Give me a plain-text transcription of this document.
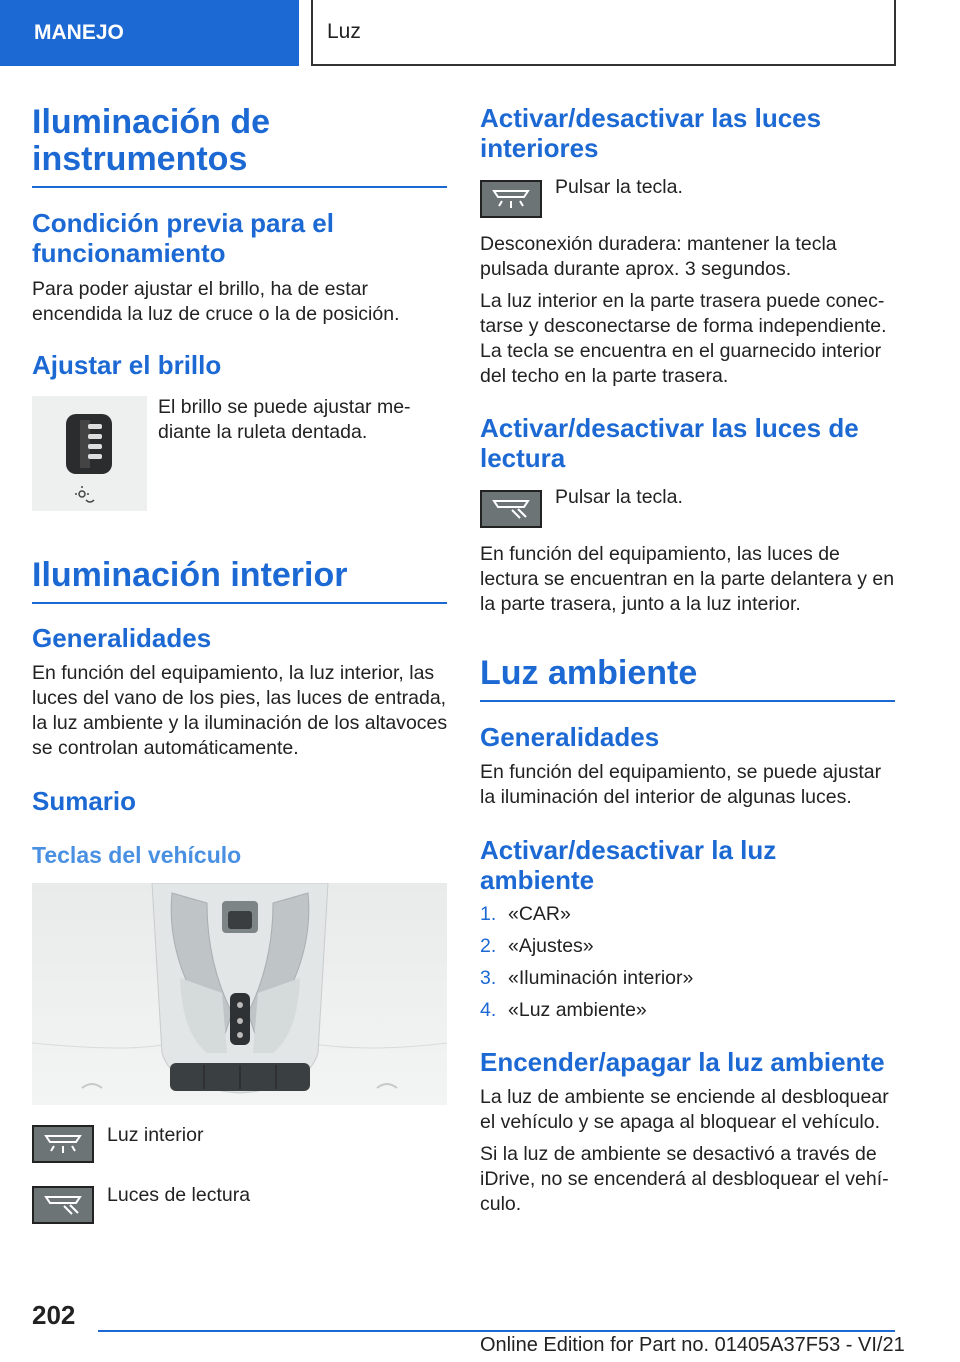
MANEJO	Luz
Iluminación de instrumentos
Condición previa para el funcionamiento
Para poder ajustar el brillo, ha de estar encendida la luz de cruce o la de posición.
Ajustar el brillo
El brillo se puede ajustar me-diante la ruleta dentada.
Iluminación interior
Generalidades
En función del equipamiento, la luz interior, las luces del vano de los pies, las luces de entrada, la luz ambiente y la iluminación de los altavoces se controlan automáticamente.
Sumario
Teclas del vehículo
Luz interior
Luces de lectura
Activar/desactivar las luces interiores
Pulsar la tecla.
Desconexión duradera: mantener la tecla pulsada durante aprox. 3 segundos.
La luz interior en la parte trasera puede conec-tarse y desconectarse de forma independiente. La tecla se encuentra en el guarnecido interior del techo en la parte trasera.
Activar/desactivar las luces de lectura
Pulsar la tecla.
En función del equipamiento, las luces de lectura se encuentran en la parte delantera y en la parte trasera, junto a la luz interior.
Luz ambiente
Generalidades
En función del equipamiento, se puede ajustar la iluminación del interior de algunas luces.
Activar/desactivar la luz ambiente
1. «CAR»
2. «Ajustes»
3. «Iluminación interior»
4. «Luz ambiente»
Encender/apagar la luz ambiente
La luz de ambiente se enciende al desbloquear el vehículo y se apaga al bloquear el vehículo.
Si la luz de ambiente se desactivó a través de iDrive, no se encenderá al desbloquear el vehí-culo.
202
Online Edition for Part no. 01405A37F53 - VI/21
